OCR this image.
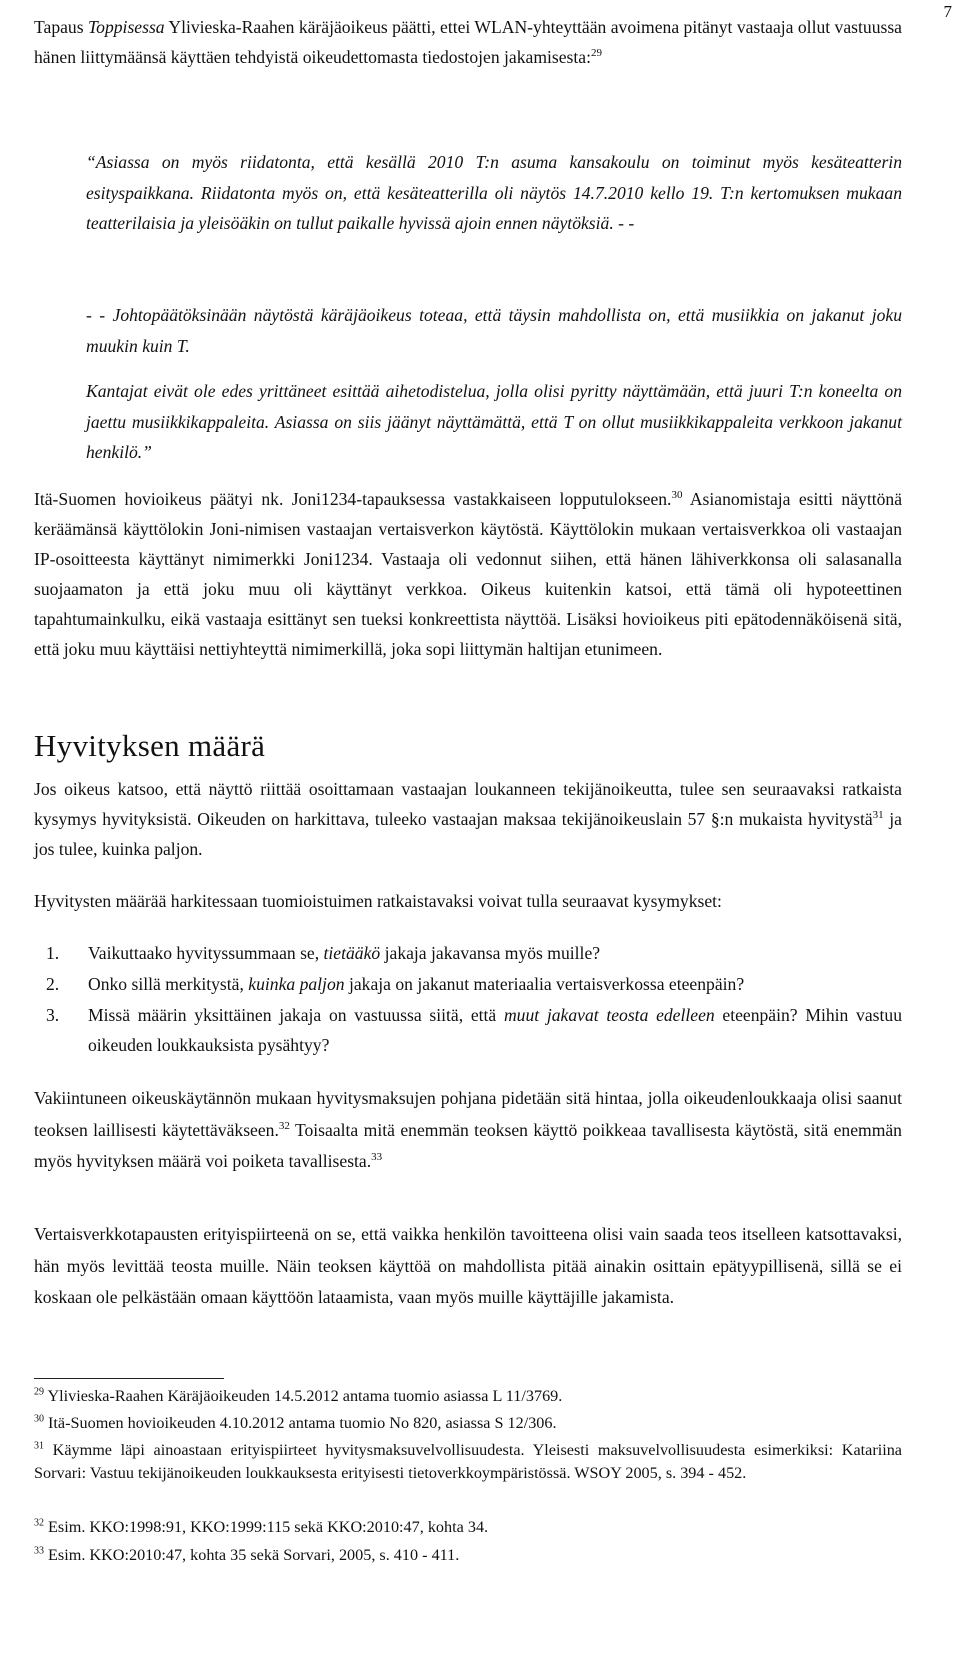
7

Tapaus Toppisessa Ylivieska-Raahen käräjäoikeus päätti, ettei WLAN-yhteyttään avoimena pitänyt vastaaja ollut vastuussa hänen liittymäänsä käyttäen tehdyistä oikeudettomasta tiedostojen jakamisesta:$^{29}$

“Asiassa on myös riidatonta, että kesällä 2010 T:n asuma kansakoulu on toiminut myös kesäteatterin esityspaikkana. Riidatonta myös on, että kesäteatterilla oli näytös 14.7.2010 kello 19. T:n kertomuksen mukaan teatterilaisia ja yleisöäkin on tullut paikalle hyvissä ajoin ennen näytöksiä. - -

- - Johtopäätöksinään näytöstä käräjäoikeus toteaa, että täysin mahdollista on, että musiikkia on jakanut joku muukin kuin T.

Kantajat eivät ole edes yrittäneet esittää aihetodistelua, jolla olisi pyritty näyttämään, että juuri T:n koneelta on jaettu musiikkikappaleita. Asiassa on siis jäänyt näyttämättä, että T on ollut musiikkikappaleita verkkoon jakanut henkilö.”

Itä-Suomen hovioikeus päätyi nk. Joni1234-tapauksessa vastakkaiseen lopputulokseen.$^{30}$ Asianomistaja esitti näyttönä keräämänsä käyttölokin Joni-nimisen vastaajan vertaisverkon käytöstä. Käyttölokin mukaan vertaisverkkoa oli vastaajan IP-osoitteesta käyttänyt nimimerkki Joni1234. Vastaaja oli vedonnut siihen, että hänen lähiverkkonsa oli salasanalla suojaamaton ja että joku muu oli käyttänyt verkkoa. Oikeus kuitenkin katsoi, että tämä oli hypoteettinen tapahtumainkulku, eikä vastaaja esittänyt sen tueksi konkreettista näyttöä. Lisäksi hovioikeus piti epätodennäköisenä sitä, että joku muu käyttäisi nettiyhteyttä nimimerkillä, joka sopi liittymän haltijan etunimeen.

Hyvityksen määrä

Jos oikeus katsoo, että näyttö riittää osoittamaan vastaajan loukanneen tekijänoikeutta, tulee sen seuraavaksi ratkaista kysymys hyvityksistä. Oikeuden on harkittava, tuleeko vastaajan maksaa tekijänoikeuslain 57 §:n mukaista hyvitystä$^{31}$ ja jos tulee, kuinka paljon.

Hyvitysten määrää harkitessaan tuomioistuimen ratkaistavaksi voivat tulla seuraavat kysymykset:

1. Vaikuttaako hyvityssummaan se, tietääkö jakaja jakavansa myös muille?
2. Onko sillä merkitystä, kuinka paljon jakaja on jakanut materiaalia vertaisverkossa eteenpäin?
3. Missä määrin yksittäinen jakaja on vastuussa siitä, että muut jakavat teosta edelleen eteenpäin? Mihin vastuu oikeuden loukkauksista pysähtyy?

Vakiintuneen oikeuskäytännön mukaan hyvitysmaksujen pohjana pidetään sitä hintaa, jolla oikeudenloukkaaja olisi saanut teoksen laillisesti käytettäväkseen.$^{32}$ Toisaalta mitä enemmän teoksen käyttö poikkeaa tavallisesta käytöstä, sitä enemmän myös hyvityksen määrä voi poiketa tavallisesta.$^{33}$

Vertaisverkkotapausten erityispiirteenä on se, että vaikka henkilön tavoitteena olisi vain saada teos itselleen katsottavaksi, hän myös levittää teosta muille. Näin teoksen käyttöä on mahdollista pitää ainakin osittain epätyypillisenä, sillä se ei koskaan ole pelkästään omaan käyttöön lataamista, vaan myös muille käyttäjille jakamista.

$^{29}$ Ylivieska-Raahen Käräjäoikeuden 14.5.2012 antama tuomio asiassa L 11/3769.

$^{30}$ Itä-Suomen hovioikeuden 4.10.2012 antama tuomio No 820, asiassa S 12/306.

$^{31}$ Käymme läpi ainoastaan erityispiirteet hyvitysmaksuvelvollisuudesta. Yleisesti maksuvelvollisuudesta esimerkiksi: Katariina Sorvari: Vastuu tekijänoikeuden loukkauksesta erityisesti tietoverkkoympäristössä. WSOY 2005, s. 394 - 452.

$^{32}$ Esim. KKO:1998:91, KKO:1999:115 sekä KKO:2010:47, kohta 34.

$^{33}$ Esim. KKO:2010:47, kohta 35 sekä Sorvari, 2005, s. 410 - 411.
